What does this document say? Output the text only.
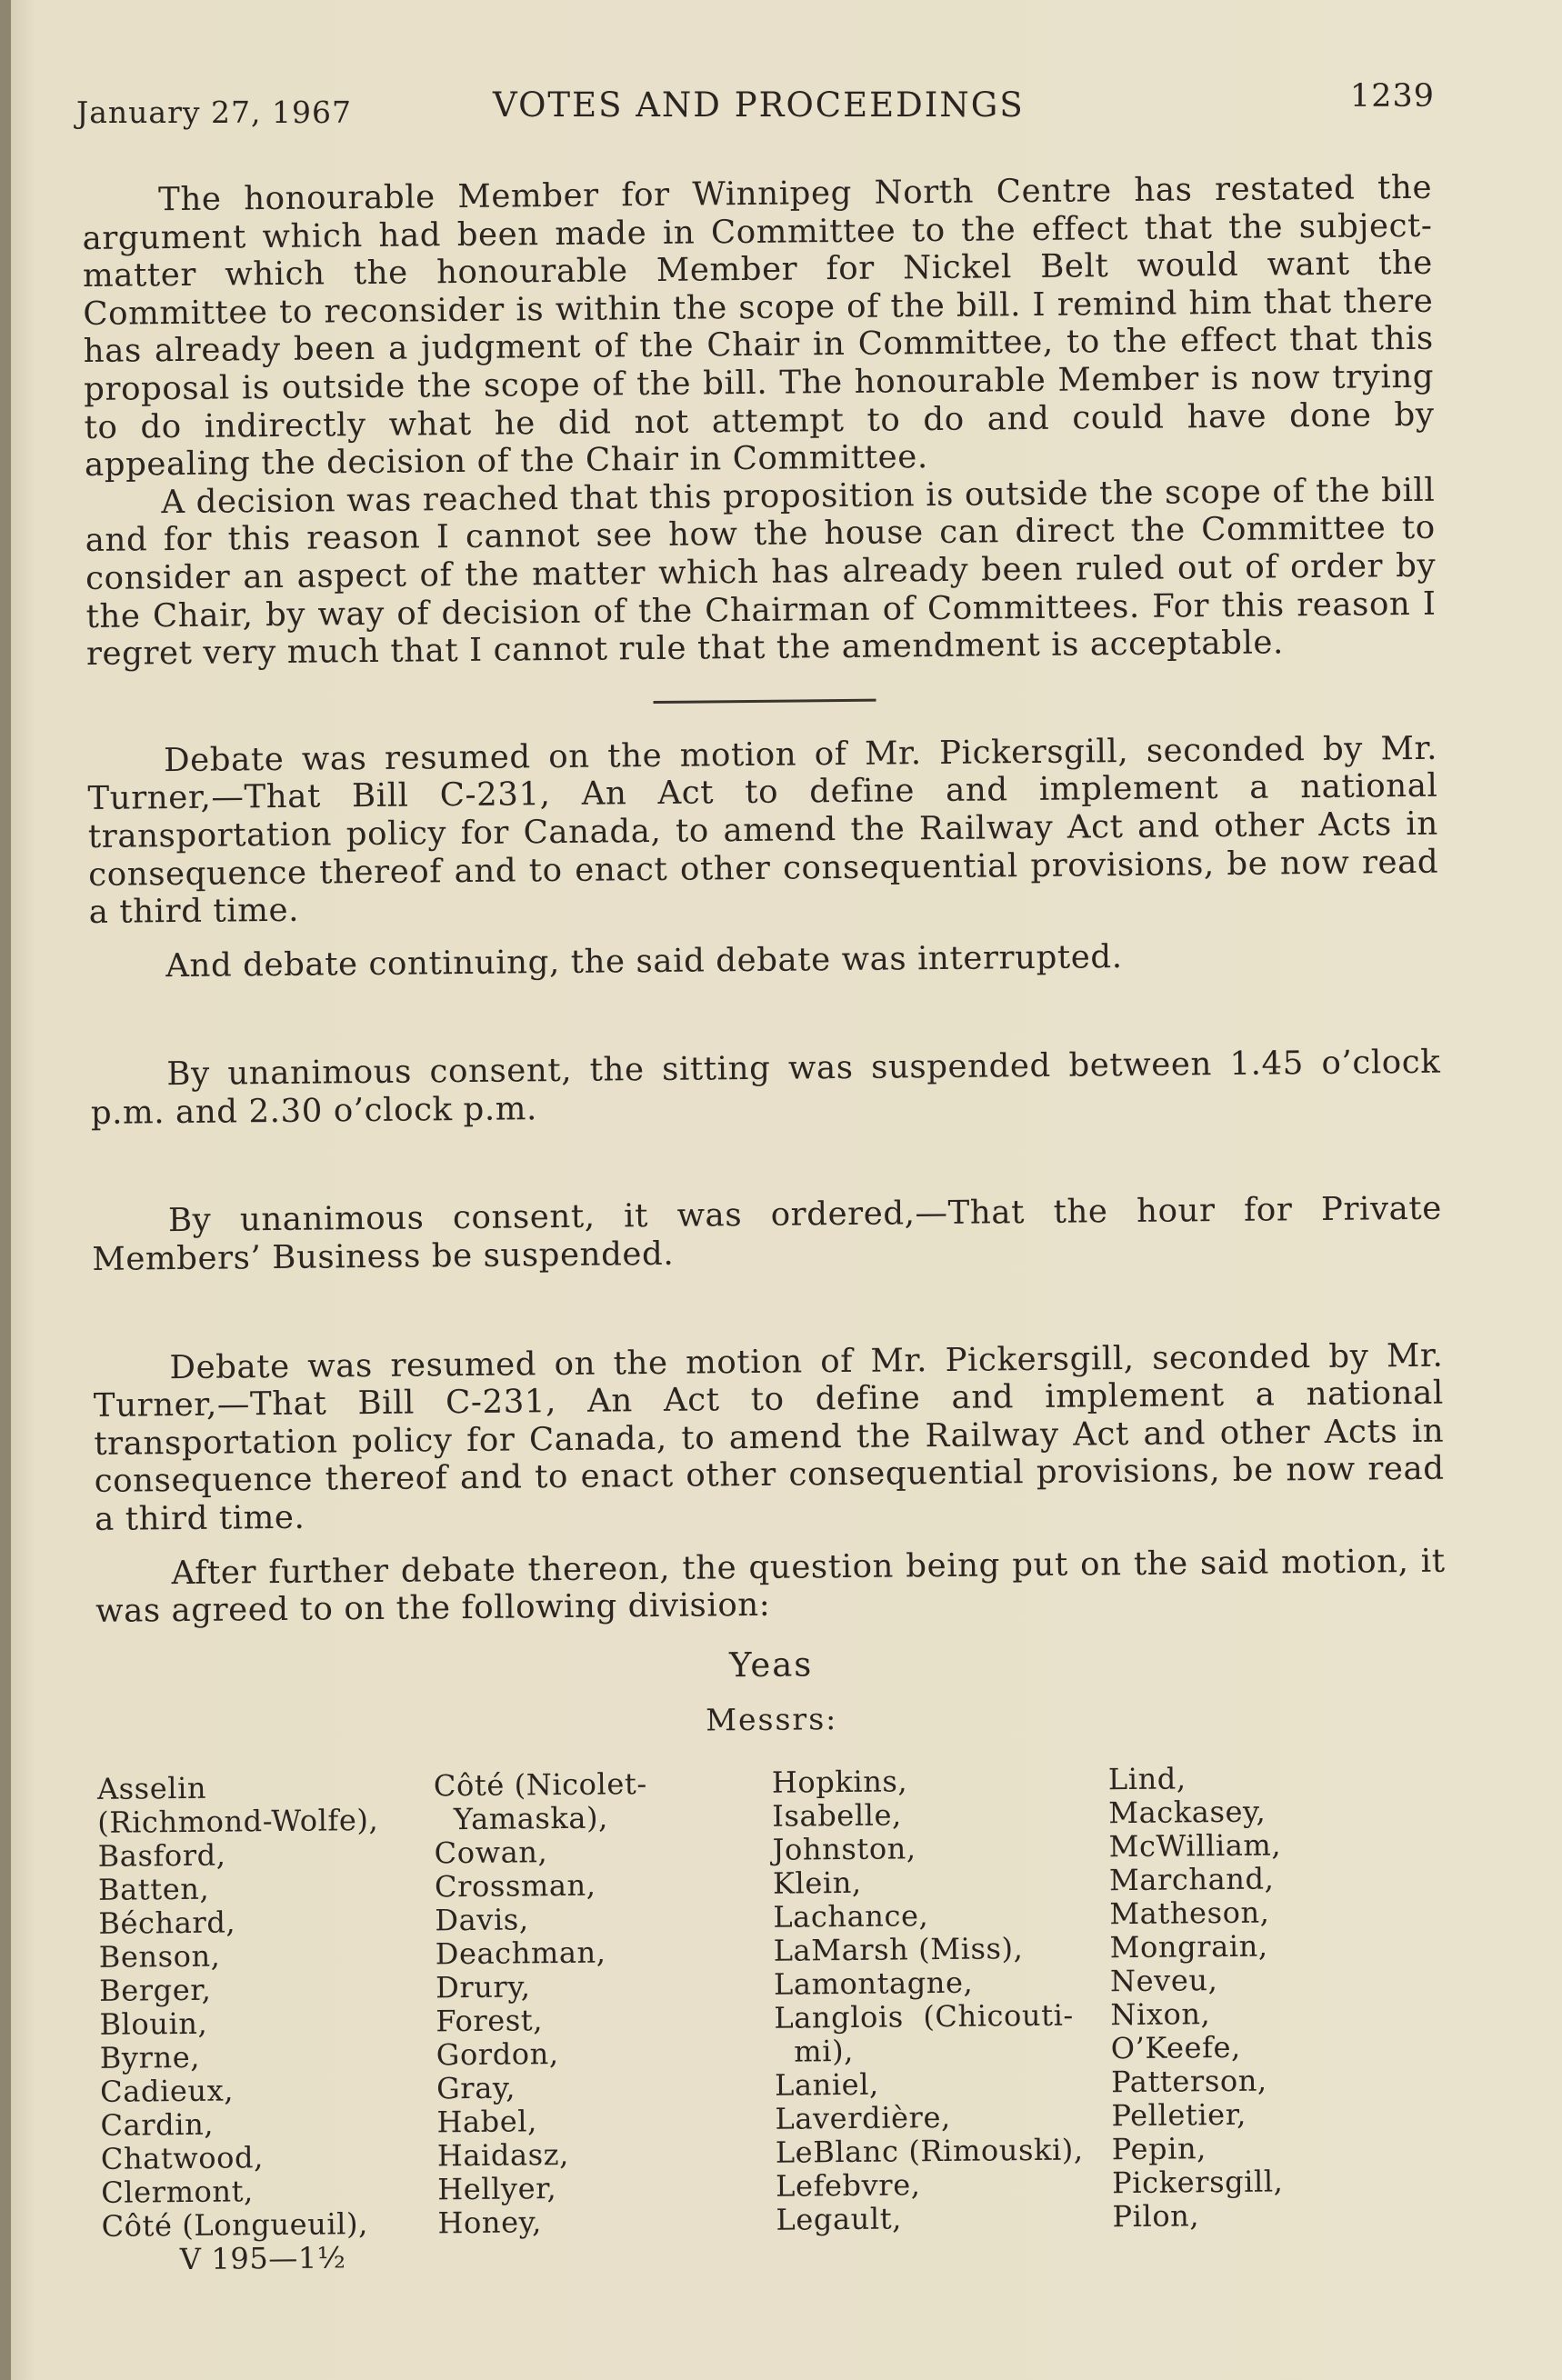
January 27, 1967	VOTES AND PROCEEDINGS	1239

The honourable Member for Winnipeg North Centre has restated the argument which had been made in Committee to the effect that the subject-matter which the honourable Member for Nickel Belt would want the Committee to reconsider is within the scope of the bill. I remind him that there has already been a judgment of the Chair in Committee, to the effect that this proposal is outside the scope of the bill. The honourable Member is now trying to do indirectly what he did not attempt to do and could have done by appealing the decision of the Chair in Committee.

A decision was reached that this proposition is outside the scope of the bill and for this reason I cannot see how the house can direct the Committee to consider an aspect of the matter which has already been ruled out of order by the Chair, by way of decision of the Chairman of Committees. For this reason I regret very much that I cannot rule that the amendment is acceptable.

Debate was resumed on the motion of Mr. Pickersgill, seconded by Mr. Turner,—That Bill C-231, An Act to define and implement a national transportation policy for Canada, to amend the Railway Act and other Acts in consequence thereof and to enact other consequential provisions, be now read a third time.

And debate continuing, the said debate was interrupted.

By unanimous consent, the sitting was suspended between 1.45 o’clock p.m. and 2.30 o’clock p.m.

By unanimous consent, it was ordered,—That the hour for Private Members’ Business be suspended.

Debate was resumed on the motion of Mr. Pickersgill, seconded by Mr. Turner,—That Bill C-231, An Act to define and implement a national transportation policy for Canada, to amend the Railway Act and other Acts in consequence thereof and to enact other consequential provisions, be now read a third time.

After further debate thereon, the question being put on the said motion, it was agreed to on the following division:

Yeas

Messrs:

Asselin
(Richmond-Wolfe),
Basford,
Batten,
Béchard,
Benson,
Berger,
Blouin,
Byrne,
Cadieux,
Cardin,
Chatwood,
Clermont,
Côté (Longueuil),
Côté (Nicolet-
Yamaska),
Cowan,
Crossman,
Davis,
Deachman,
Drury,
Forest,
Gordon,
Gray,
Habel,
Haidasz,
Hellyer,
Honey,
Hopkins,
Isabelle,
Johnston,
Klein,
Lachance,
LaMarsh (Miss),
Lamontagne,
Langlois  (Chicouti-
mi),
Laniel,
Laverdière,
LeBlanc (Rimouski),
Lefebvre,
Legault,
Lind,
Mackasey,
McWilliam,
Marchand,
Matheson,
Mongrain,
Neveu,
Nixon,
O’Keefe,
Patterson,
Pelletier,
Pepin,
Pickersgill,
Pilon,
V 195—1½
